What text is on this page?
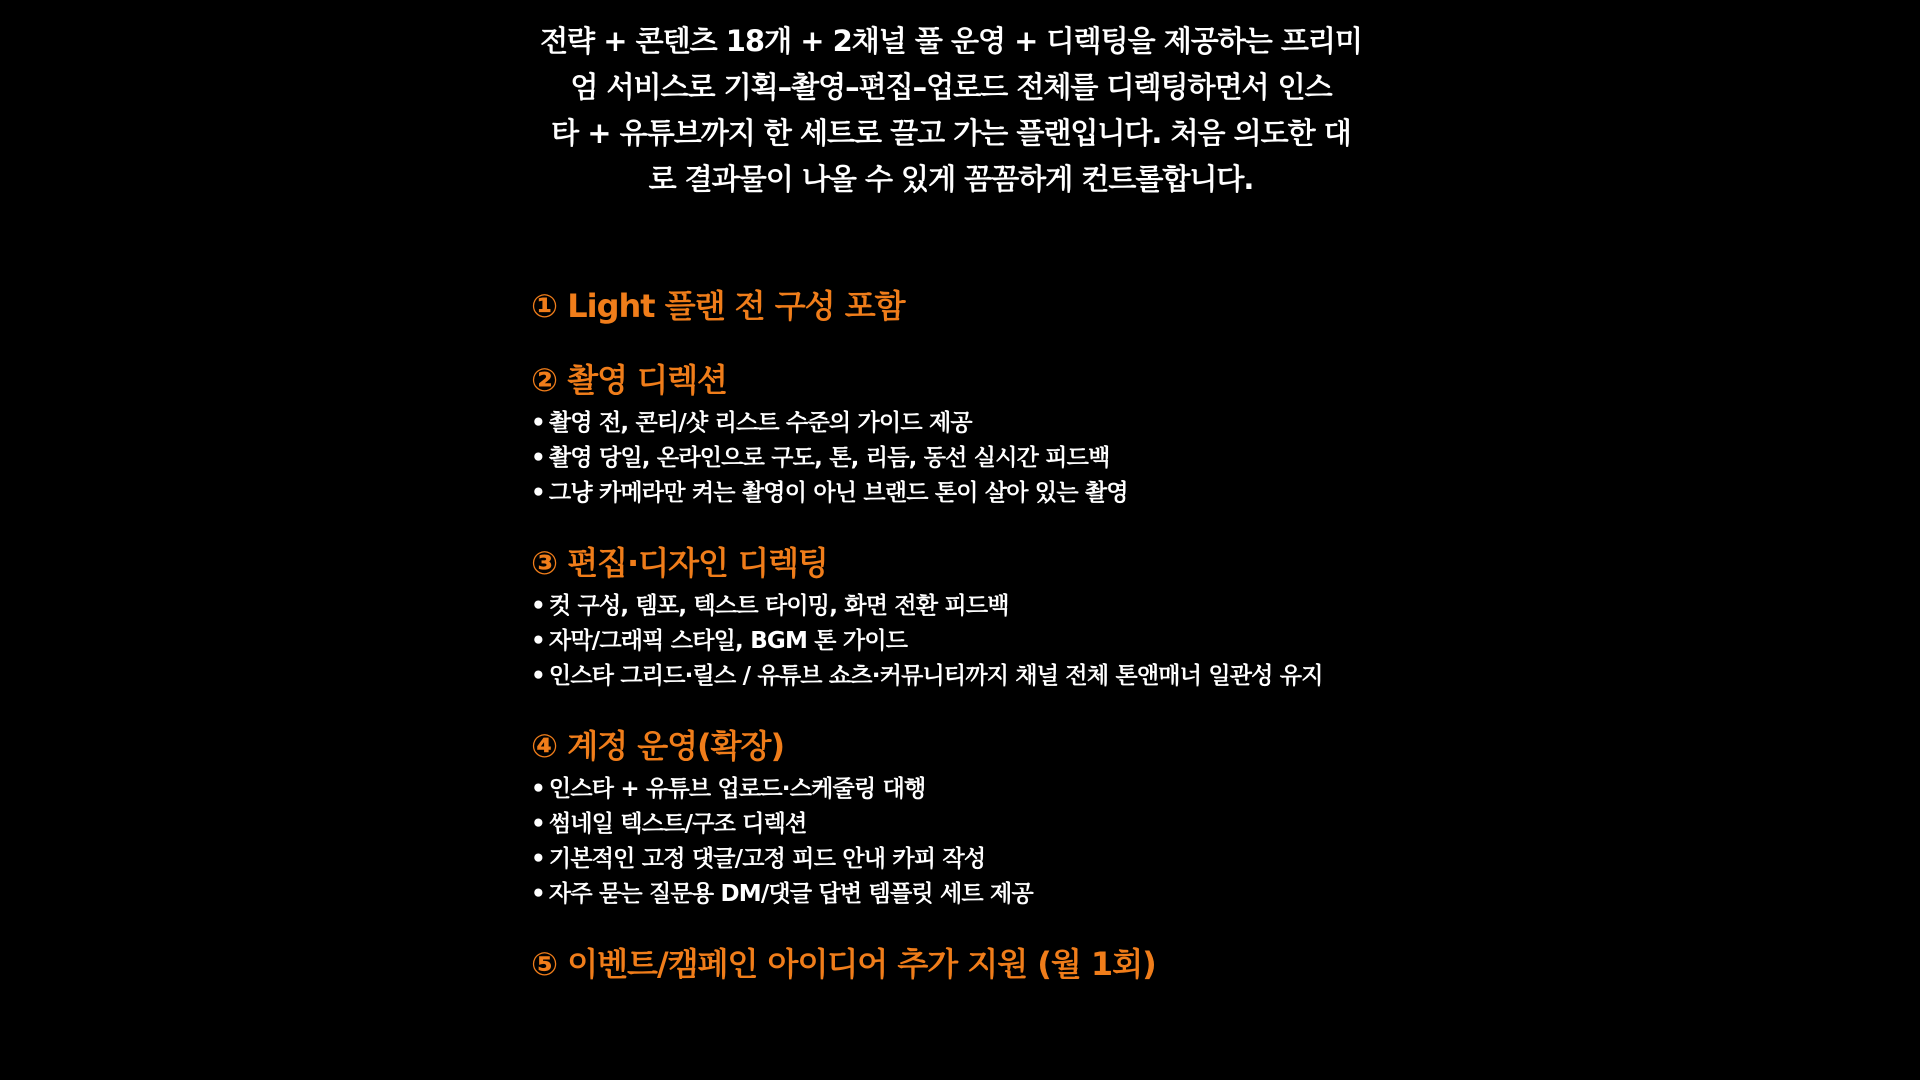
전략 + 콘텐츠 18개 + 2채널 풀 운영 + 디렉팅을 제공하는 프리미
엄 서비스로 기획–촬영–편집–업로드 전체를 디렉팅하면서 인스
타 + 유튜브까지 한 세트로 끌고 가는 플랜입니다. 처음 의도한 대
로 결과물이 나올 수 있게 꼼꼼하게 컨트롤합니다.

① Light 플랜 전 구성 포함
② 촬영 디렉션
• 촬영 전, 콘티/샷 리스트 수준의 가이드 제공
• 촬영 당일, 온라인으로 구도, 톤, 리듬, 동선 실시간 피드백
• 그냥 카메라만 켜는 촬영이 아닌 브랜드 톤이 살아 있는 촬영
③ 편집·디자인 디렉팅
• 컷 구성, 템포, 텍스트 타이밍, 화면 전환 피드백
• 자막/그래픽 스타일, BGM 톤 가이드
• 인스타 그리드·릴스 / 유튜브 쇼츠·커뮤니티까지 채널 전체 톤앤매너 일관성 유지
④ 계정 운영(확장)
• 인스타 + 유튜브 업로드·스케줄링 대행
• 썸네일 텍스트/구조 디렉션
• 기본적인 고정 댓글/고정 피드 안내 카피 작성
• 자주 묻는 질문용 DM/댓글 답변 템플릿 세트 제공
⑤ 이벤트/캠페인 아이디어 추가 지원 (월 1회)
